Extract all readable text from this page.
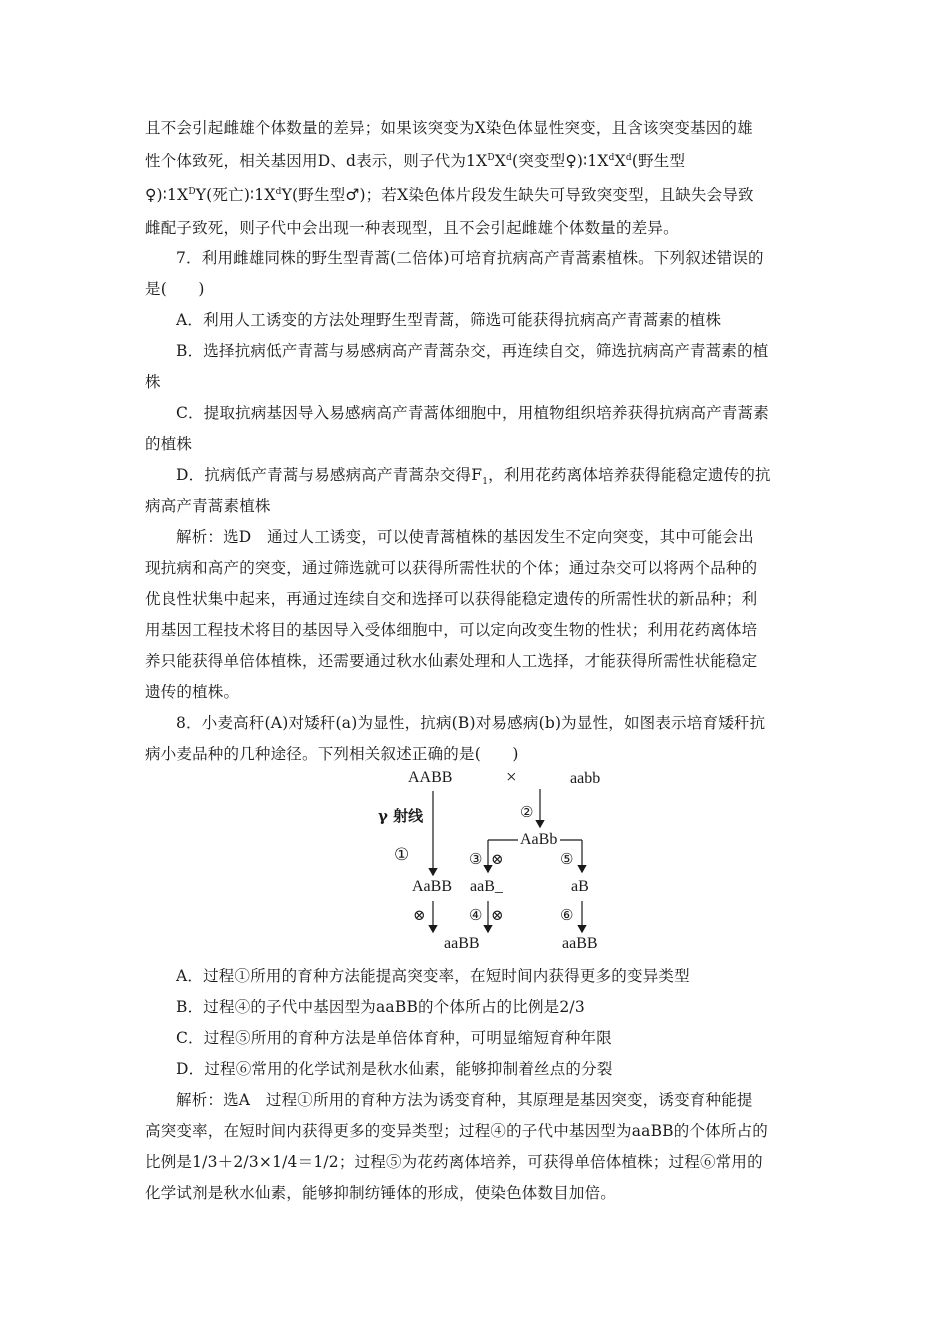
且不会引起雌雄个体数量的差异；如果该突变为X染色体显性突变，且含该突变基因的雄
性个体致死，相关基因用D、d表示，则子代为$1X^DX^d$(突变型$♀)∶1X^dX^d$(野生型
$♀)∶1X^DY$(死亡)$∶1X^dY$(野生型♂)；若X染色体片段发生缺失可导致突变型，且缺失会导致
雌配子致死，则子代中会出现一种表现型，且不会引起雌雄个体数量的差异。
7．利用雌雄同株的野生型青蒿(二倍体)可培育抗病高产青蒿素植株。下列叙述错误的
是(　　)
A．利用人工诱变的方法处理野生型青蒿，筛选可能获得抗病高产青蒿素的植株
B．选择抗病低产青蒿与易感病高产青蒿杂交，再连续自交，筛选抗病高产青蒿素的植
株
C．提取抗病基因导入易感病高产青蒿体细胞中，用植物组织培养获得抗病高产青蒿素
的植株
D．抗病低产青蒿与易感病高产青蒿杂交得$F_1$，利用花药离体培养获得能稳定遗传的抗
病高产青蒿素植株
解析：选D　通过人工诱变，可以使青蒿植株的基因发生不定向突变，其中可能会出
现抗病和高产的突变，通过筛选就可以获得所需性状的个体；通过杂交可以将两个品种的
优良性状集中起来，再通过连续自交和选择可以获得能稳定遗传的所需性状的新品种；利
用基因工程技术将目的基因导入受体细胞中，可以定向改变生物的性状；利用花药离体培
养只能获得单倍体植株，还需要通过秋水仙素处理和人工选择，才能获得所需性状能稳定
遗传的植株。
8．小麦高秆(A)对矮秆(a)为显性，抗病(B)对易感病(b)为显性，如图表示培育矮秆抗
病小麦品种的几种途径。下列相关叙述正确的是(　　)
AABB	×	aabb
γ 射线	②
AaBb
①	③ ⊗	⑤
AaBB aaB_	aB
⊗	④ ⊗	⑥
aaBB	aaBB
A．过程①所用的育种方法能提高突变率，在短时间内获得更多的变异类型
B．过程④的子代中基因型为aaBB的个体所占的比例是2/3
C．过程⑤所用的育种方法是单倍体育种，可明显缩短育种年限
D．过程⑥常用的化学试剂是秋水仙素，能够抑制着丝点的分裂
解析：选A　过程①所用的育种方法为诱变育种，其原理是基因突变，诱变育种能提
高突变率，在短时间内获得更多的变异类型；过程④的子代中基因型为aaBB的个体所占的
比例是1/3＋2/3×1/4＝1/2；过程⑤为花药离体培养，可获得单倍体植株；过程⑥常用的
化学试剂是秋水仙素，能够抑制纺锤体的形成，使染色体数目加倍。
